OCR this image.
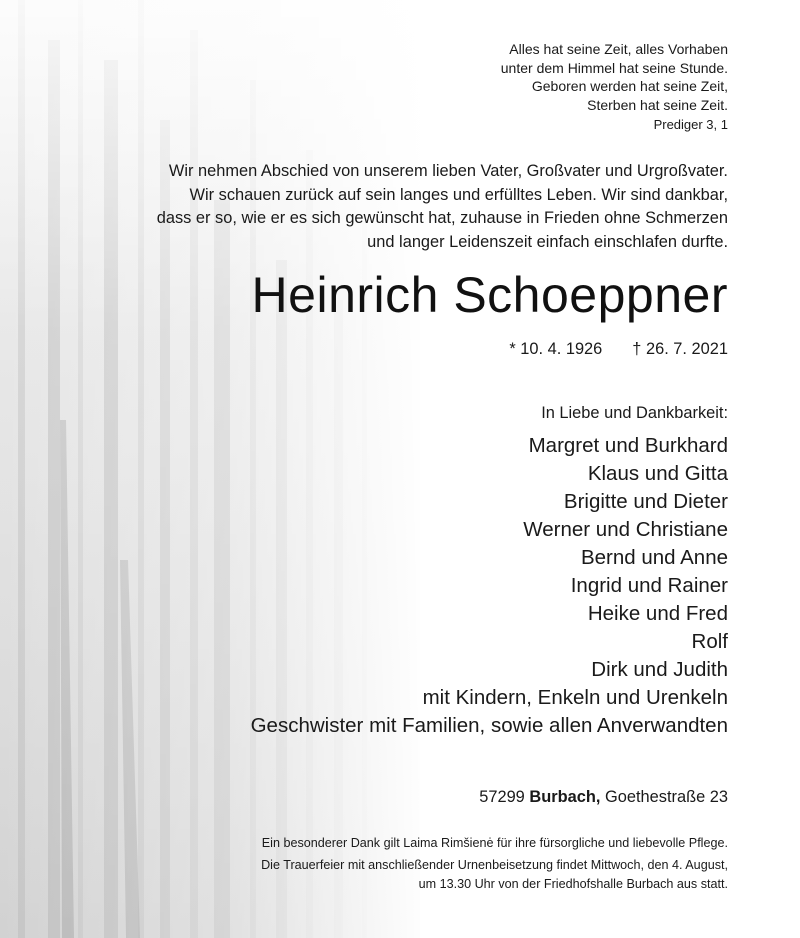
Alles hat seine Zeit, alles Vorhaben
unter dem Himmel hat seine Stunde.
Geboren werden hat seine Zeit,
Sterben hat seine Zeit.
Prediger 3, 1
Wir nehmen Abschied von unserem lieben Vater, Großvater und Urgroßvater.
Wir schauen zurück auf sein langes und erfülltes Leben. Wir sind dankbar,
dass er so, wie er es sich gewünscht hat, zuhause in Frieden ohne Schmerzen
und langer Leidenszeit einfach einschlafen durfte.
Heinrich Schoeppner
* 10. 4. 1926 † 26. 7. 2021
In Liebe und Dankbarkeit:
Margret und Burkhard
Klaus und Gitta
Brigitte und Dieter
Werner und Christiane
Bernd und Anne
Ingrid und Rainer
Heike und Fred
Rolf
Dirk und Judith
mit Kindern, Enkeln und Urenkeln
Geschwister mit Familien, sowie allen Anverwandten
57299 Burbach, Goethestraße 23
Ein besonderer Dank gilt Laima Rimšienė für ihre fürsorgliche und liebevolle Pflege.
Die Trauerfeier mit anschließender Urnenbeisetzung findet Mittwoch, den 4. August,
um 13.30 Uhr von der Friedhofshalle Burbach aus statt.
